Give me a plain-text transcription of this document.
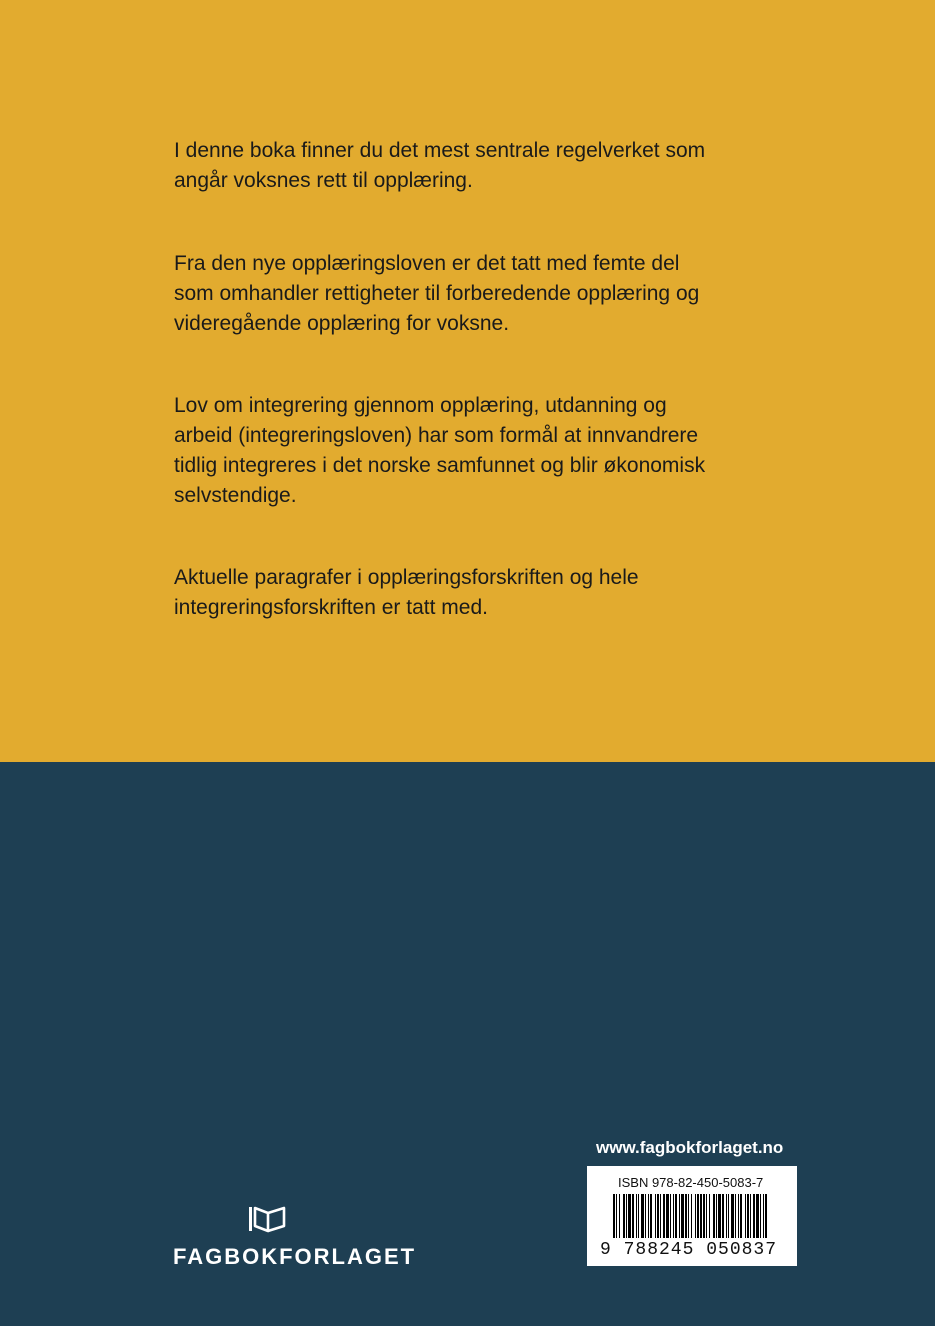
I denne boka finner du det mest sentrale regelverket som
angår voksnes rett til opplæring.

Fra den nye opplæringsloven er det tatt med femte del
som omhandler rettigheter til forberedende opplæring og
videregående opplæring for voksne.

Lov om integrering gjennom opplæring, utdanning og
arbeid (integreringsloven) har som formål at innvandrere
tidlig integreres i det norske samfunnet og blir økonomisk
selvstendige.

Aktuelle paragrafer i opplæringsforskriften og hele
integreringsforskriften er tatt med.

FAGBOKFORLAGET
www.fagbokforlaget.no
ISBN 978-82-450-5083-7
9 788245 050837
